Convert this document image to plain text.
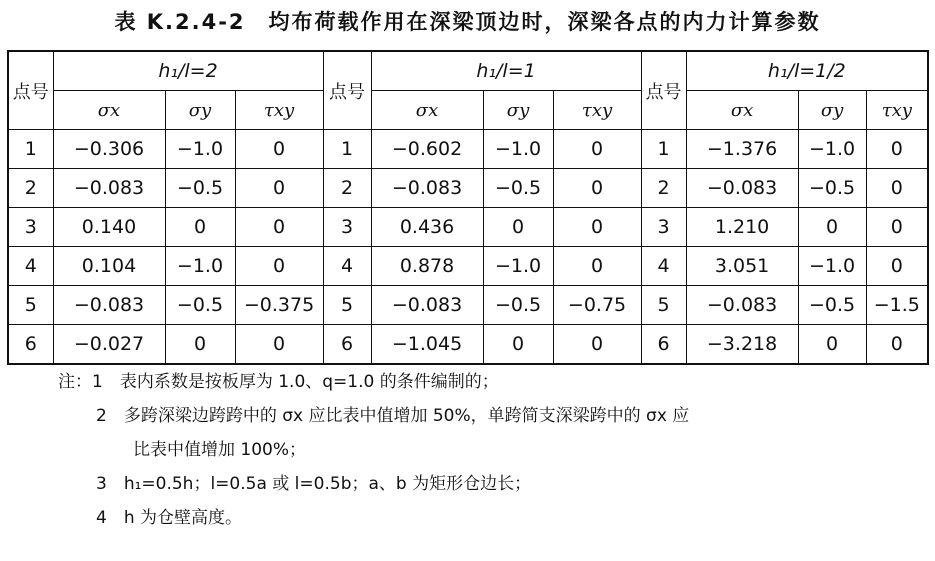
表 K.2.4-2　均布荷载作用在深梁顶边时，深梁各点的内力计算参数
点号	h₁/l=2			点号	h₁/l=1			点号	h₁/l=1/2		
	σx	σy	τxy		σx	σy	τxy		σx	σy	τxy
1	−0.306	−1.0	0	1	−0.602	−1.0	0	1	−1.376	−1.0	0
2	−0.083	−0.5	0	2	−0.083	−0.5	0	2	−0.083	−0.5	0
3	0.140	0	0	3	0.436	0	0	3	1.210	0	0
4	0.104	−1.0	0	4	0.878	−1.0	0	4	3.051	−1.0	0
5	−0.083	−0.5	−0.375	5	−0.083	−0.5	−0.75	5	−0.083	−0.5	−1.5
6	−0.027	0	0	6	−1.045	0	0	6	−3.218	0	0
注：1　表内系数是按板厚为 1.0、q=1.0 的条件编制的；
2　多跨深梁边跨跨中的 σx 应比表中值增加 50%，单跨简支深梁跨中的 σx 应
比表中值增加 100%；
3　h₁=0.5h；l=0.5a 或 l=0.5b；a、b 为矩形仓边长；
4　h 为仓壁高度。
